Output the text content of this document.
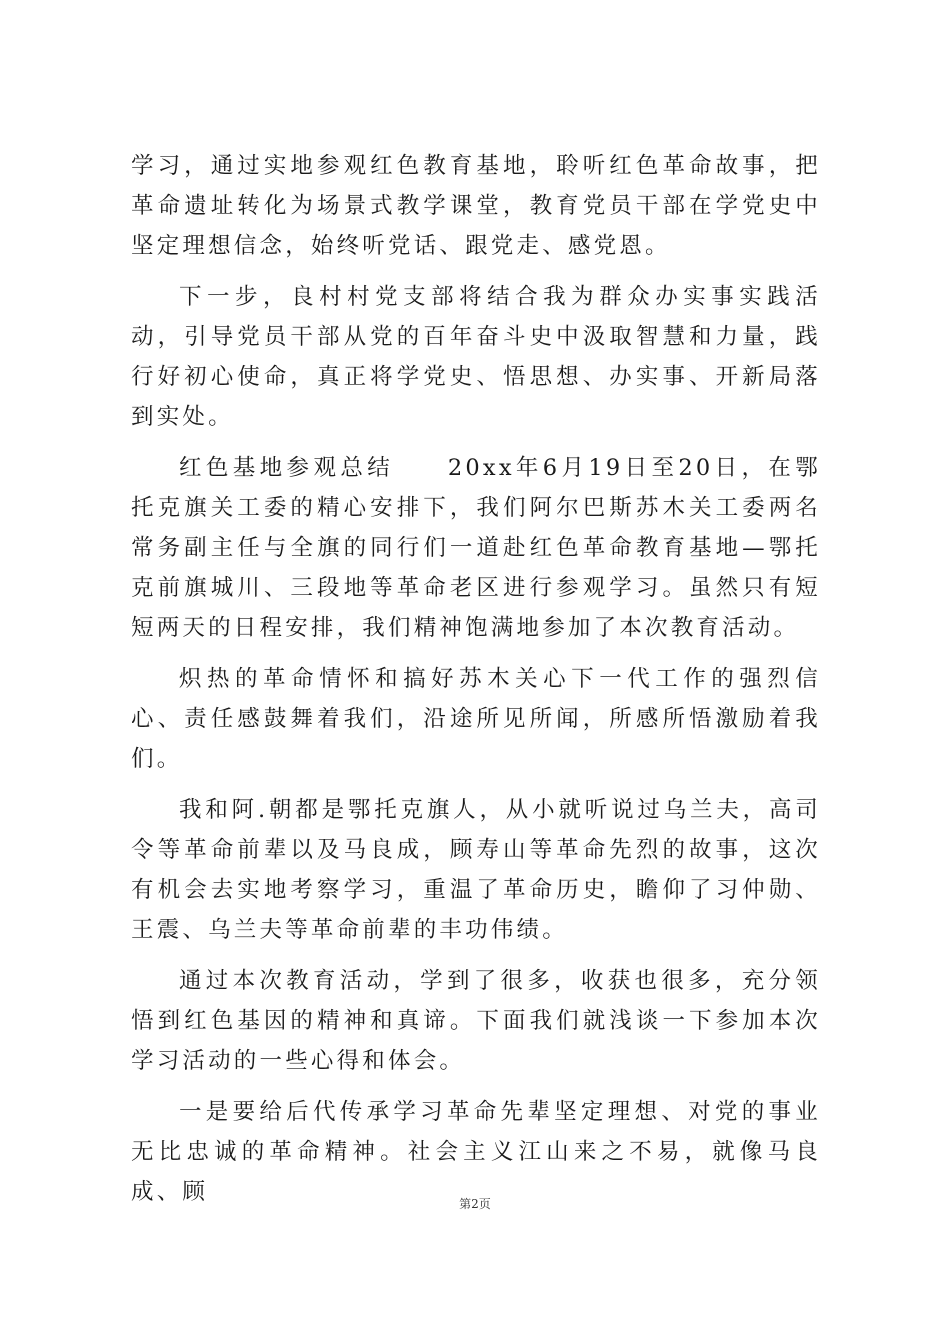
学习，通过实地参观红色教育基地，聆听红色革命故事，把革命遗址转化为场景式教学课堂，教育党员干部在学党史中坚定理想信念，始终听党话、跟党走、感党恩。

下一步，良村村党支部将结合我为群众办实事实践活动，引导党员干部从党的百年奋斗史中汲取智慧和力量，践行好初心使命，真正将学党史、悟思想、办实事、开新局落到实处。

红色基地参观总结　　20xx年6月19日至20日，在鄂托克旗关工委的精心安排下，我们阿尔巴斯苏木关工委两名常务副主任与全旗的同行们一道赴红色革命教育基地—鄂托克前旗城川、三段地等革命老区进行参观学习。虽然只有短短两天的日程安排，我们精神饱满地参加了本次教育活动。

炽热的革命情怀和搞好苏木关心下一代工作的强烈信心、责任感鼓舞着我们，沿途所见所闻，所感所悟激励着我们。

我和阿.朝都是鄂托克旗人，从小就听说过乌兰夫，高司令等革命前辈以及马良成，顾寿山等革命先烈的故事，这次有机会去实地考察学习，重温了革命历史，瞻仰了习仲勋、王震、乌兰夫等革命前辈的丰功伟绩。

通过本次教育活动，学到了很多，收获也很多，充分领悟到红色基因的精神和真谛。下面我们就浅谈一下参加本次学习活动的一些心得和体会。

一是要给后代传承学习革命先辈坚定理想、对党的事业无比忠诚的革命精神。社会主义江山来之不易，就像马良成、顾	第2页
